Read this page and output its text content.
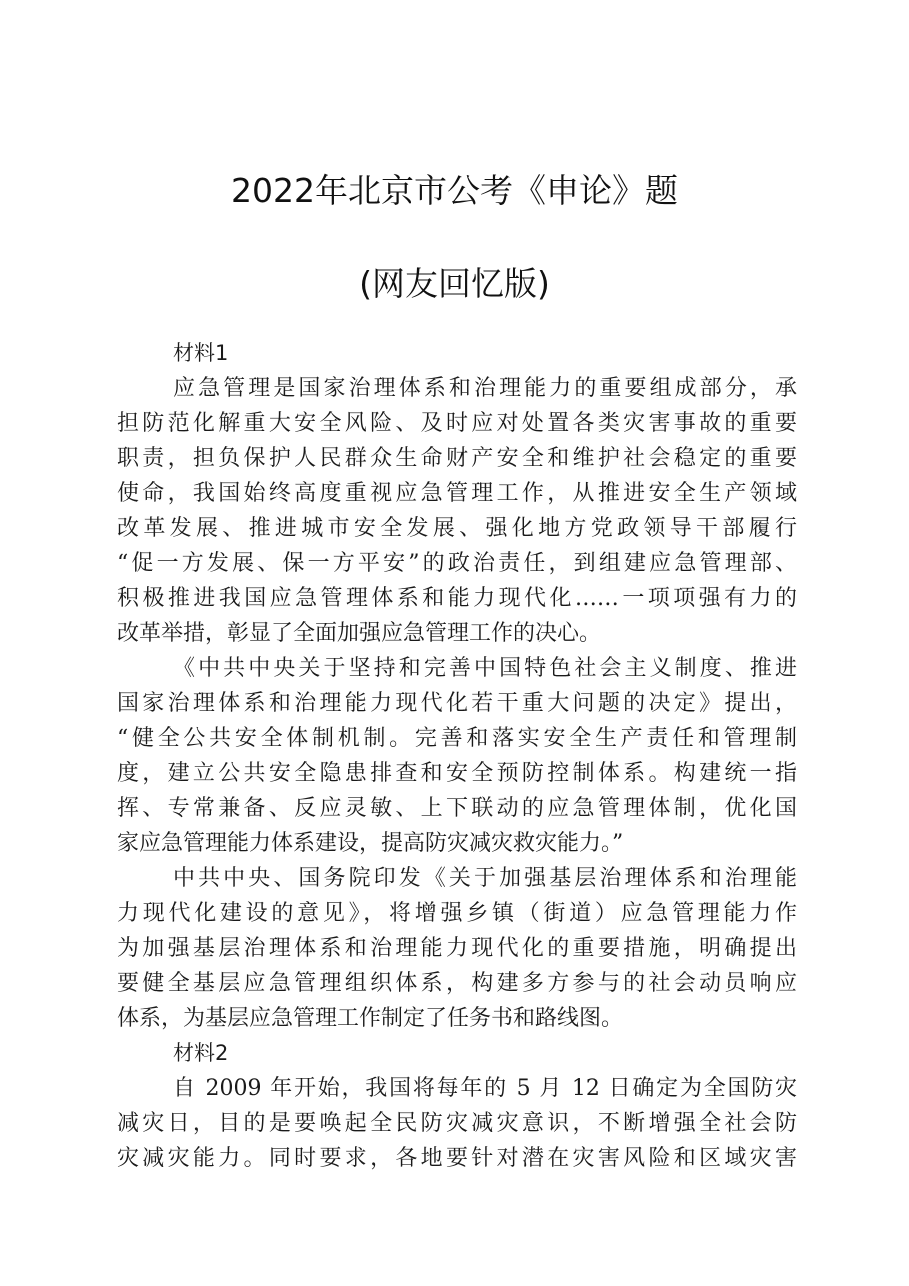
2022年北京市公考《申论》题
(网友回忆版)
材料1
应急管理是国家治理体系和治理能力的重要组成部分，承
担防范化解重大安全风险、及时应对处置各类灾害事故的重要
职责，担负保护人民群众生命财产安全和维护社会稳定的重要
使命，我国始终高度重视应急管理工作，从推进安全生产领域
改革发展、推进城市安全发展、强化地方党政领导干部履行
“促一方发展、保一方平安”的政治责任，到组建应急管理部、
积极推进我国应急管理体系和能力现代化……一项项强有力的
改革举措，彰显了全面加强应急管理工作的决心。
《中共中央关于坚持和完善中国特色社会主义制度、推进
国家治理体系和治理能力现代化若干重大问题的决定》提出，
“健全公共安全体制机制。完善和落实安全生产责任和管理制
度，建立公共安全隐患排查和安全预防控制体系。构建统一指
挥、专常兼备、反应灵敏、上下联动的应急管理体制，优化国
家应急管理能力体系建设，提高防灾减灾救灾能力。”
中共中央、国务院印发《关于加强基层治理体系和治理能
力现代化建设的意见》，将增强乡镇（街道）应急管理能力作
为加强基层治理体系和治理能力现代化的重要措施，明确提出
要健全基层应急管理组织体系，构建多方参与的社会动员响应
体系，为基层应急管理工作制定了任务书和路线图。
材料2
自 2009 年开始，我国将每年的 5 月 12 日确定为全国防灾
减灾日，目的是要唤起全民防灾减灾意识，不断增强全社会防
灾减灾能力。同时要求，各地要针对潜在灾害风险和区域灾害
